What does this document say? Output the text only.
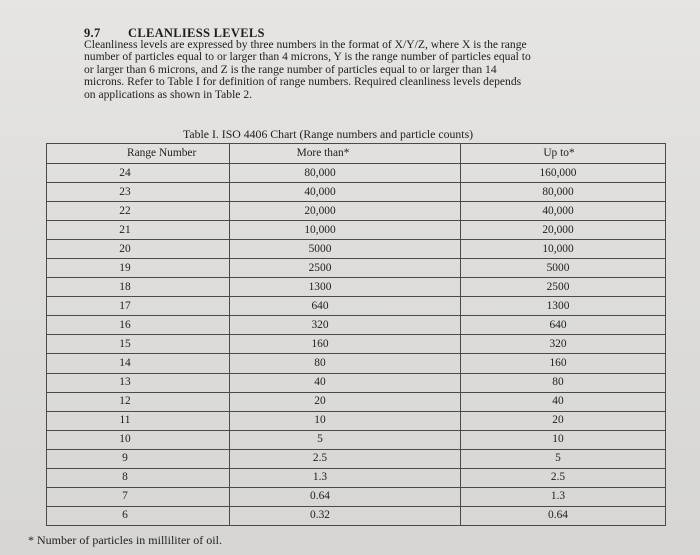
9.7 CLEANLIESS LEVELS
Cleanliness levels are expressed by three numbers in the format of X/Y/Z, where X is the range
number of particles equal to or larger than 4 microns, Y is the range number of particles equal to
or larger than 6 microns, and Z is the range number of particles equal to or larger than 14
microns. Refer to Table I for definition of range numbers. Required cleanliness levels depends
on applications as shown in Table 2.
Table I. ISO 4406 Chart (Range numbers and particle counts)
Range Number	More than*	Up to*
24	80,000	160,000
23	40,000	80,000
22	20,000	40,000
21	10,000	20,000
20	5000	10,000
19	2500	5000
18	1300	2500
17	640	1300
16	320	640
15	160	320
14	80	160
13	40	80
12	20	40
11	10	20
10	5	10
9	2.5	5
8	1.3	2.5
7	0.64	1.3
6	0.32	0.64
* Number of particles in milliliter of oil.
